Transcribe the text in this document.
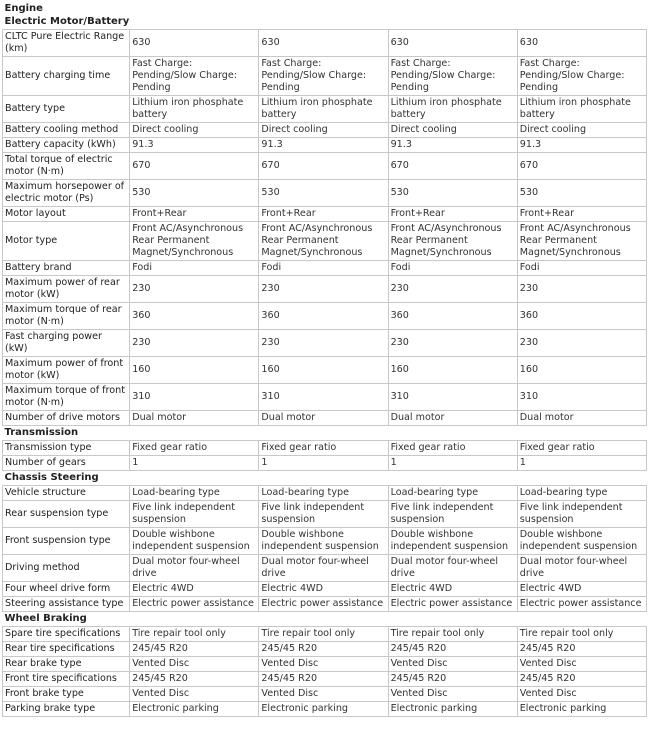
Engine				
Electric Motor/Battery				
CLTC Pure Electric Range (km)	630	630	630	630
Battery charging time	Fast Charge: Pending/Slow Charge: Pending	Fast Charge: Pending/Slow Charge: Pending	Fast Charge: Pending/Slow Charge: Pending	Fast Charge: Pending/Slow Charge: Pending
Battery type	Lithium iron phosphate battery	Lithium iron phosphate battery	Lithium iron phosphate battery	Lithium iron phosphate battery
Battery cooling method	Direct cooling	Direct cooling	Direct cooling	Direct cooling
Battery capacity (kWh)	91.3	91.3	91.3	91.3
Total torque of electric motor (N·m)	670	670	670	670
Maximum horsepower of electric motor (Ps)	530	530	530	530
Motor layout	Front+Rear	Front+Rear	Front+Rear	Front+Rear
Motor type	Front AC/Asynchronous Rear Permanent Magnet/Synchronous	Front AC/Asynchronous Rear Permanent Magnet/Synchronous	Front AC/Asynchronous Rear Permanent Magnet/Synchronous	Front AC/Asynchronous Rear Permanent Magnet/Synchronous
Battery brand	Fodi	Fodi	Fodi	Fodi
Maximum power of rear motor (kW)	230	230	230	230
Maximum torque of rear motor (N·m)	360	360	360	360
Fast charging power (kW)	230	230	230	230
Maximum power of front motor (kW)	160	160	160	160
Maximum torque of front motor (N·m)	310	310	310	310
Number of drive motors	Dual motor	Dual motor	Dual motor	Dual motor
Transmission				
Transmission type	Fixed gear ratio	Fixed gear ratio	Fixed gear ratio	Fixed gear ratio
Number of gears	1	1	1	1
Chassis Steering				
Vehicle structure	Load-bearing type	Load-bearing type	Load-bearing type	Load-bearing type
Rear suspension type	Five link independent suspension	Five link independent suspension	Five link independent suspension	Five link independent suspension
Front suspension type	Double wishbone independent suspension	Double wishbone independent suspension	Double wishbone independent suspension	Double wishbone independent suspension
Driving method	Dual motor four-wheel drive	Dual motor four-wheel drive	Dual motor four-wheel drive	Dual motor four-wheel drive
Four wheel drive form	Electric 4WD	Electric 4WD	Electric 4WD	Electric 4WD
Steering assistance type	Electric power assistance	Electric power assistance	Electric power assistance	Electric power assistance
Wheel Braking				
Spare tire specifications	Tire repair tool only	Tire repair tool only	Tire repair tool only	Tire repair tool only
Rear tire specifications	245/45 R20	245/45 R20	245/45 R20	245/45 R20
Rear brake type	Vented Disc	Vented Disc	Vented Disc	Vented Disc
Front tire specifications	245/45 R20	245/45 R20	245/45 R20	245/45 R20
Front brake type	Vented Disc	Vented Disc	Vented Disc	Vented Disc
Parking brake type	Electronic parking	Electronic parking	Electronic parking	Electronic parking
